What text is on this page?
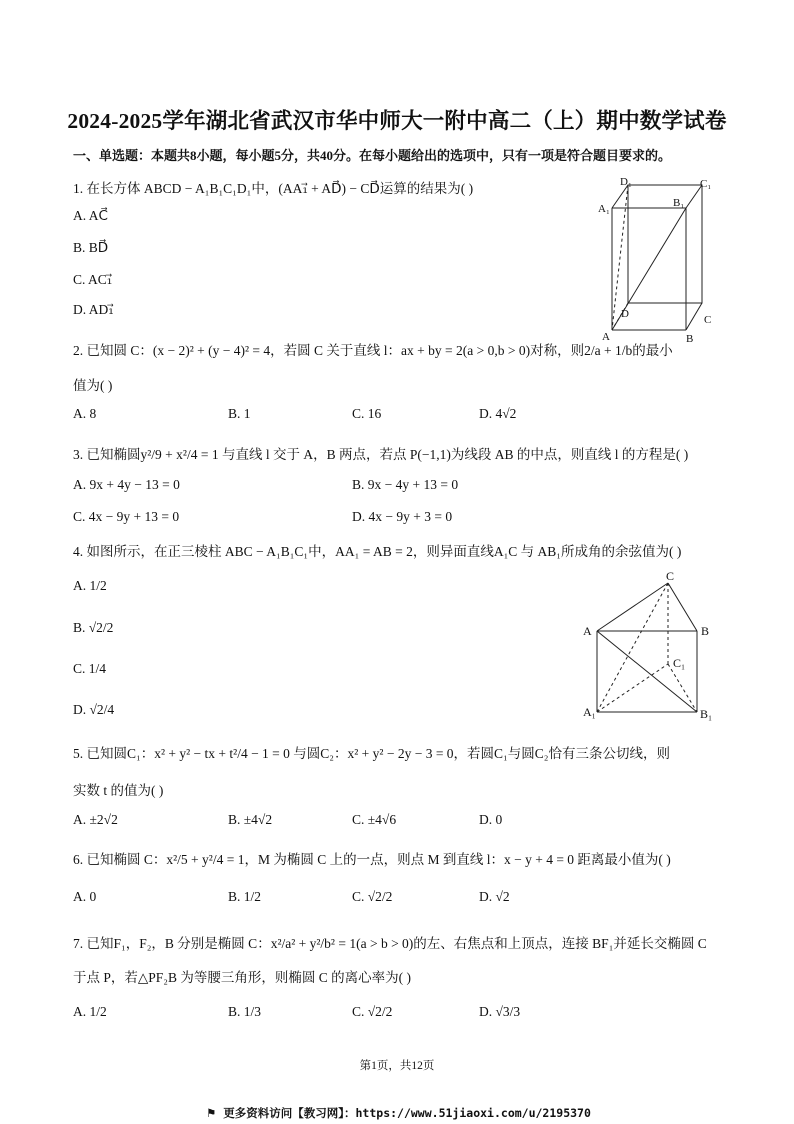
2024-2025学年湖北省武汉市华中师大一附中高二（上）期中数学试卷
一、单选题：本题共8小题，每小题5分，共40分。在每小题给出的选项中，只有一项是符合题目要求的。
1. 在长方体 ABCD − A₁B₁C₁D₁中，(AA₁⃗ + AD⃗) − CD⃗运算的结果为( )
A. AC⃗
B. BD⃗
C. AC₁⃗
D. AD₁⃗
D₁	C₁
A₁	B₁
D	C
A	B
2. 已知圆 C：(x − 2)² + (y − 4)² = 4，若圆 C 关于直线 l：ax + by = 2(a > 0,b > 0)对称，则2/a + 1/b的最小
值为( )
A. 8	B. 1	C. 16	D. 4√2
3. 已知椭圆y²/9 + x²/4 = 1 与直线 l 交于 A，B 两点，若点 P(−1,1)为线段 AB 的中点，则直线 l 的方程是( )
A. 9x + 4y − 13 = 0	B. 9x − 4y + 13 = 0
C. 4x − 9y + 13 = 0	D. 4x − 9y + 3 = 0
4. 如图所示，在正三棱柱 ABC − A₁B₁C₁中，AA₁ = AB = 2，则异面直线A₁C 与 AB₁所成角的余弦值为( )
A. 1/2
B. √2/2
C. 1/4
D. √2/4
C
A	B
C₁
A₁	B₁
5. 已知圆C₁：x² + y² − tx + t²/4 − 1 = 0 与圆C₂：x² + y² − 2y − 3 = 0，若圆C₁与圆C₂恰有三条公切线，则
实数 t 的值为( )
A. ±2√2	B. ±4√2	C. ±4√6	D. 0
6. 已知椭圆 C：x²/5 + y²/4 = 1，M 为椭圆 C 上的一点，则点 M 到直线 l：x − y + 4 = 0 距离最小值为( )
A. 0	B. 1/2	C. √2/2	D. √2
7. 已知F₁，F₂，B 分别是椭圆 C：x²/a² + y²/b² = 1(a > b > 0)的左、右焦点和上顶点，连接 BF₁并延长交椭圆 C
于点 P，若△PF₂B 为等腰三角形，则椭圆 C 的离心率为( )
A. 1/2	B. 1/3	C. √2/2	D. √3/3
第1页，共12页
⚑ 更多资料访问【教习网】：https://www.51jiaoxi.com/u/2195370
